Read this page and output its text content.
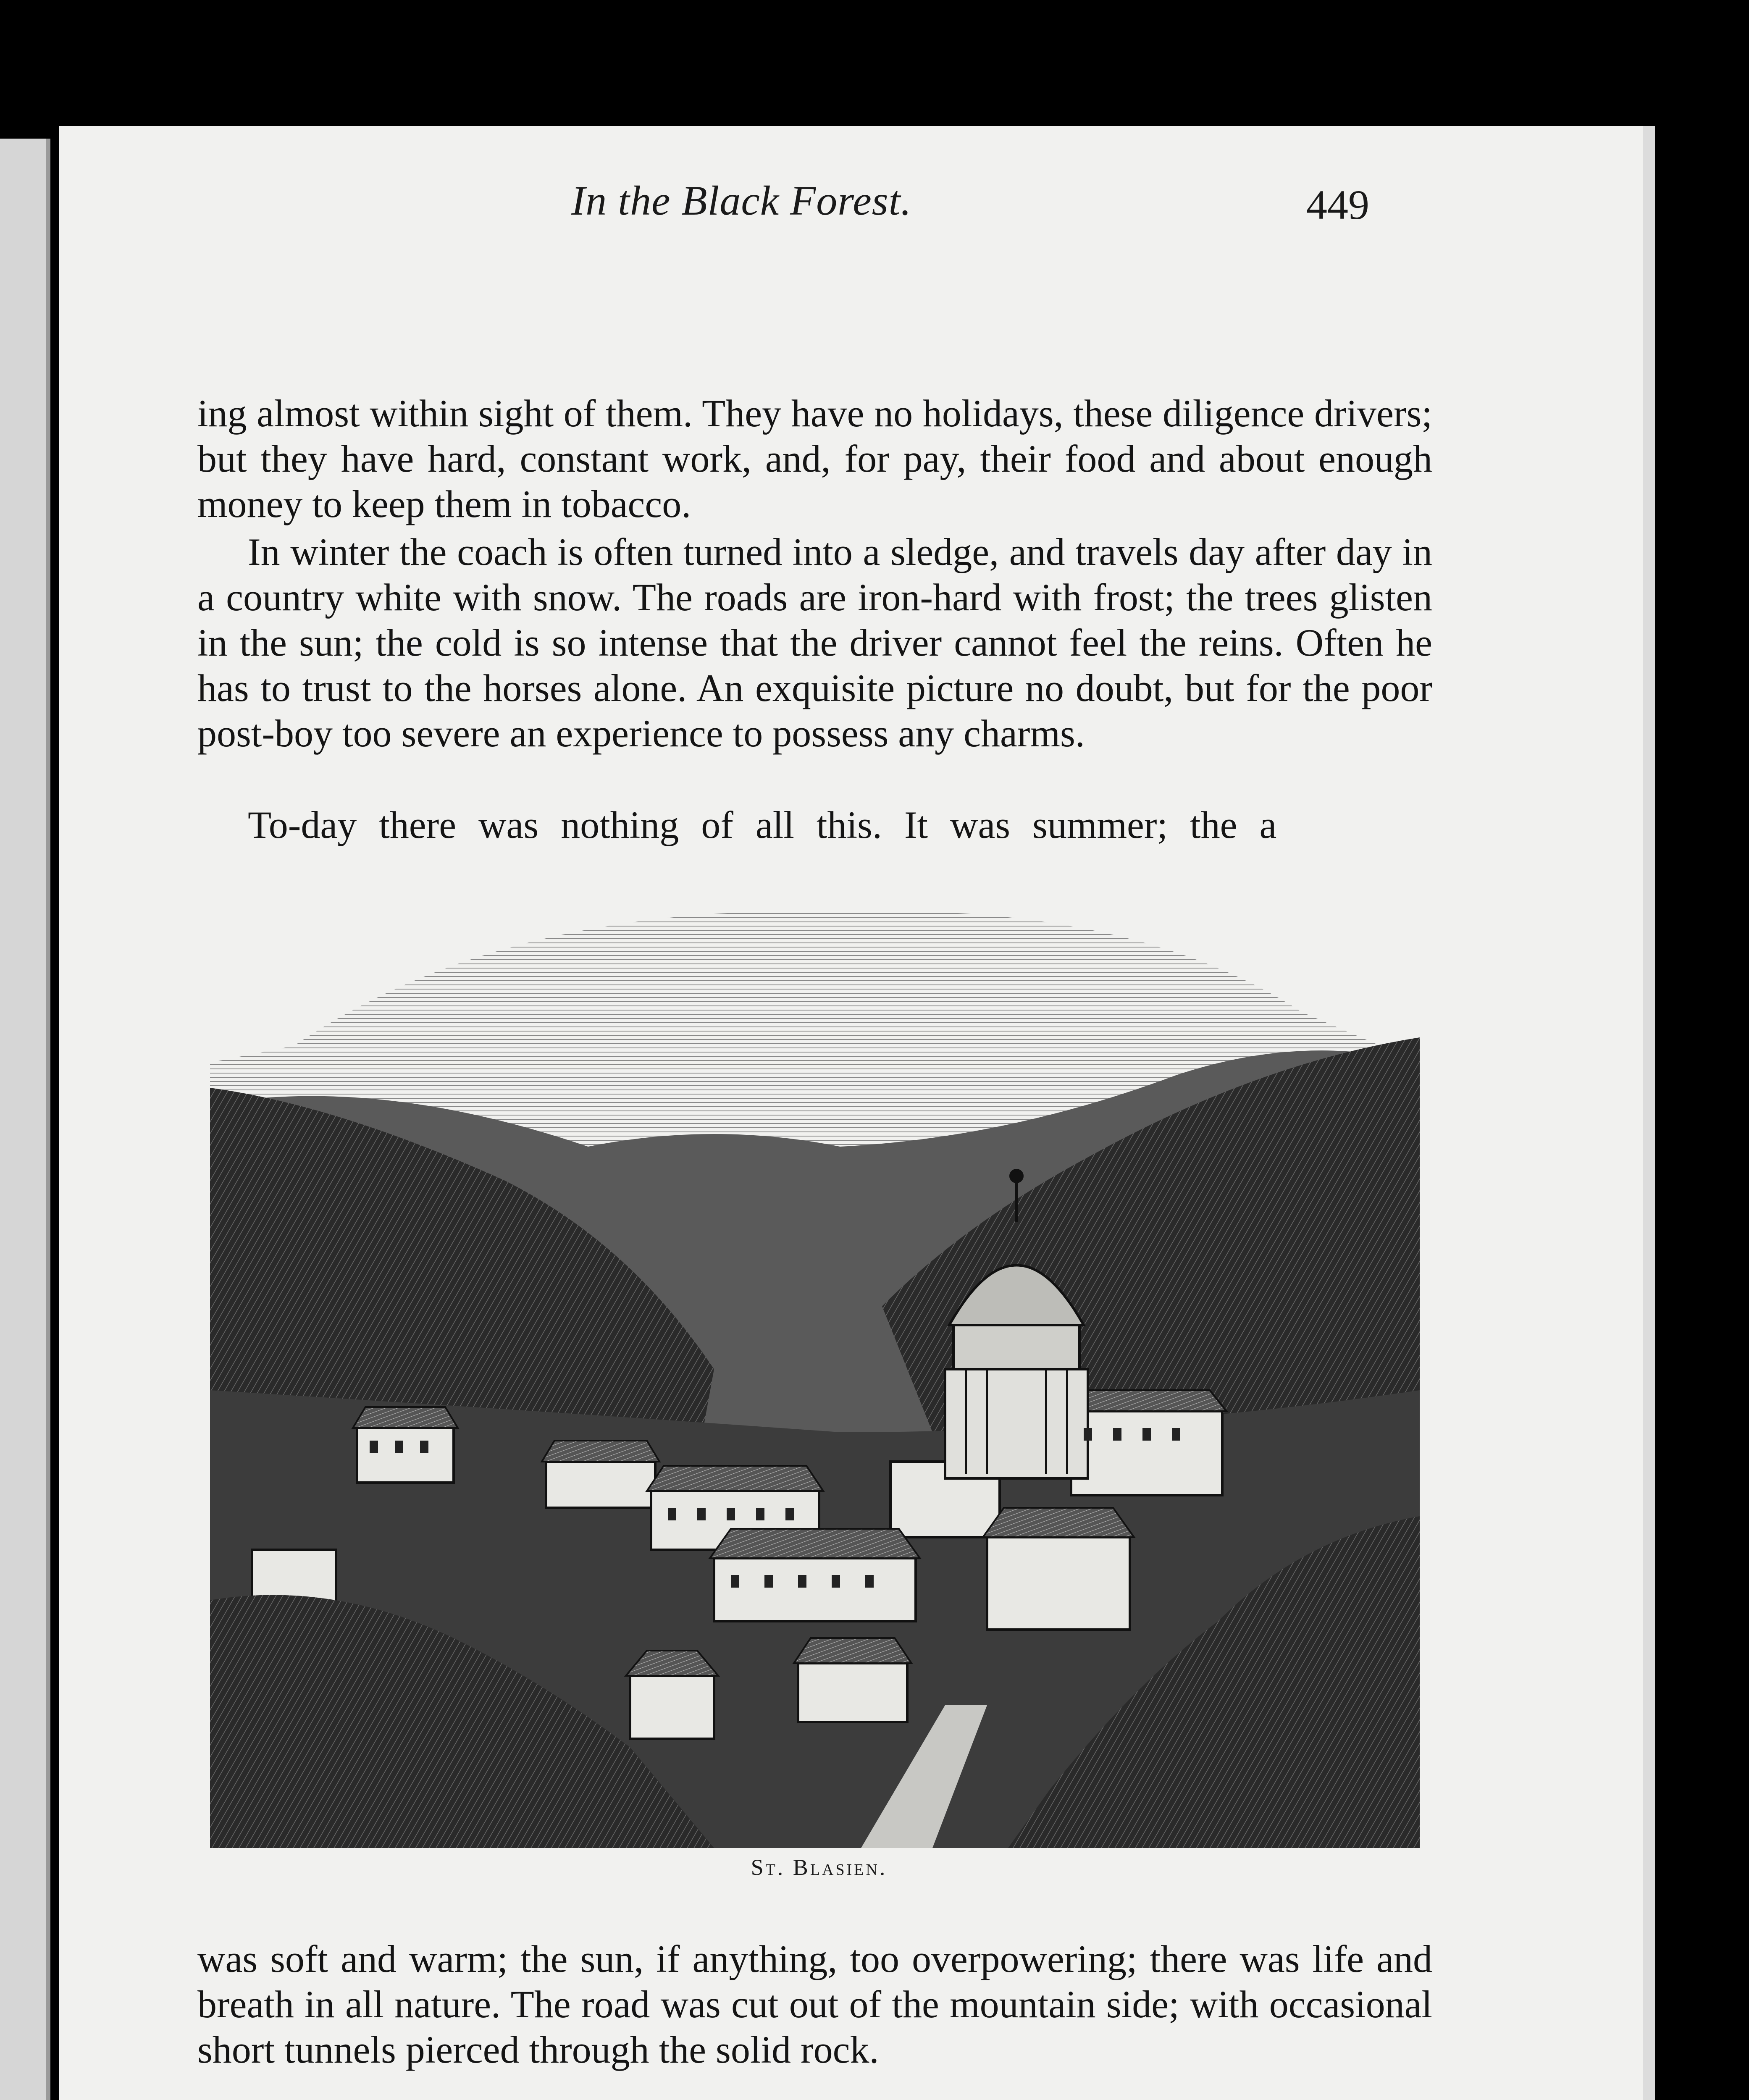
In the Black Forest.	449

ing almost within sight of them. They have no holidays, these diligence drivers; but they have hard, constant work, and, for pay, their food and about enough money to keep them in tobacco.

In winter the coach is often turned into a sledge, and travels day after day in a country white with snow. The roads are iron-hard with frost; the trees glisten in the sun; the cold is so intense that the driver cannot feel the reins. Often he has to trust to the horses alone. An exquisite picture no doubt, but for the poor post-boy too severe an experience to possess any charms.

To-day there was nothing of all this. It was summer; the a

St. Blasien.

was soft and warm; the sun, if anything, too overpowering; there was life and breath in all nature. The road was cut out of the mountain side; with occasional short tunnels pierced through the solid rock.
